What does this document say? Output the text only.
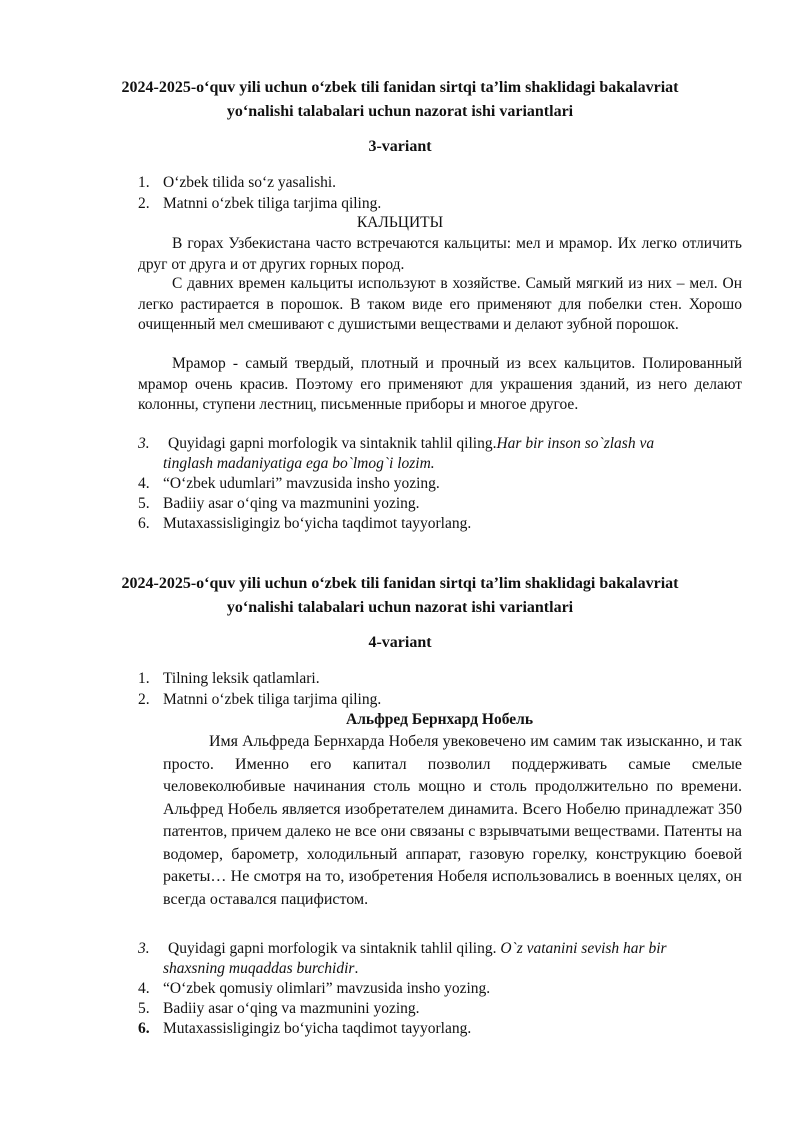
2024-2025-o‘quv yili uchun o‘zbek tili fanidan sirtqi ta’lim shaklidagi bakalavriat
yo‘nalishi talabalari uchun nazorat ishi variantlari
3-variant
1. O‘zbek tilida so‘z yasalishi.
2. Matnni o‘zbek tiliga tarjima qiling.
КАЛЬЦИТЫ
В горах Узбекистана часто встречаются кальциты: мел и мрамор. Их легко отличить друг от друга и от других горных пород.
С давних времен кальциты используют в хозяйстве. Самый мягкий из них – мел. Он легко растирается в порошок. В таком виде его применяют для побелки стен. Хорошо очищенный мел смешивают с душистыми веществами и делают зубной порошок.
Мрамор - самый твердый, плотный и прочный из всех кальцитов. Полированный мрамор очень красив. Поэтому его применяют для украшения зданий, из него делают колонны, ступени лестниц, письменные приборы и многое другое.
3.	Quyidagi gapni morfologik va sintaknik tahlil qiling.Har bir inson so`zlash va
tinglash madaniyatiga ega bo`lmog`i lozim.
4. “O‘zbek udumlari” mavzusida insho yozing.
5. Badiiy asar o‘qing va mazmunini yozing.
6. Mutaxassisligingiz bo‘yicha taqdimot tayyorlang.
2024-2025-o‘quv yili uchun o‘zbek tili fanidan sirtqi ta’lim shaklidagi bakalavriat
yo‘nalishi talabalari uchun nazorat ishi variantlari
4-variant
1. Tilning leksik qatlamlari.
2. Matnni o‘zbek tiliga tarjima qiling.
Альфред Бернхард Нобель
Имя Альфреда Бернхарда Нобеля увековечено им самим так изысканно, и так просто. Именно его капитал позволил поддерживать самые смелые человеколюбивые начинания столь мощно и столь продолжительно по времени. Альфред Нобель является изобретателем динамита. Всего Нобелю принадлежат 350 патентов, причем далеко не все они связаны с взрывчатыми веществами. Патенты на водомер, барометр, холодильный аппарат, газовую горелку, конструкцию боевой ракеты… Не смотря на то, изобретения Нобеля использовались в военных целях, он всегда оставался пацифистом.
3.	Quyidagi gapni morfologik va sintaknik tahlil qiling. O`z vatanini sevish har bir
shaxsning muqaddas burchidir.
4. “O‘zbek qomusiy olimlari” mavzusida insho yozing.
5. Badiiy asar o‘qing va mazmunini yozing.
6. Mutaxassisligingiz bo‘yicha taqdimot tayyorlang.
